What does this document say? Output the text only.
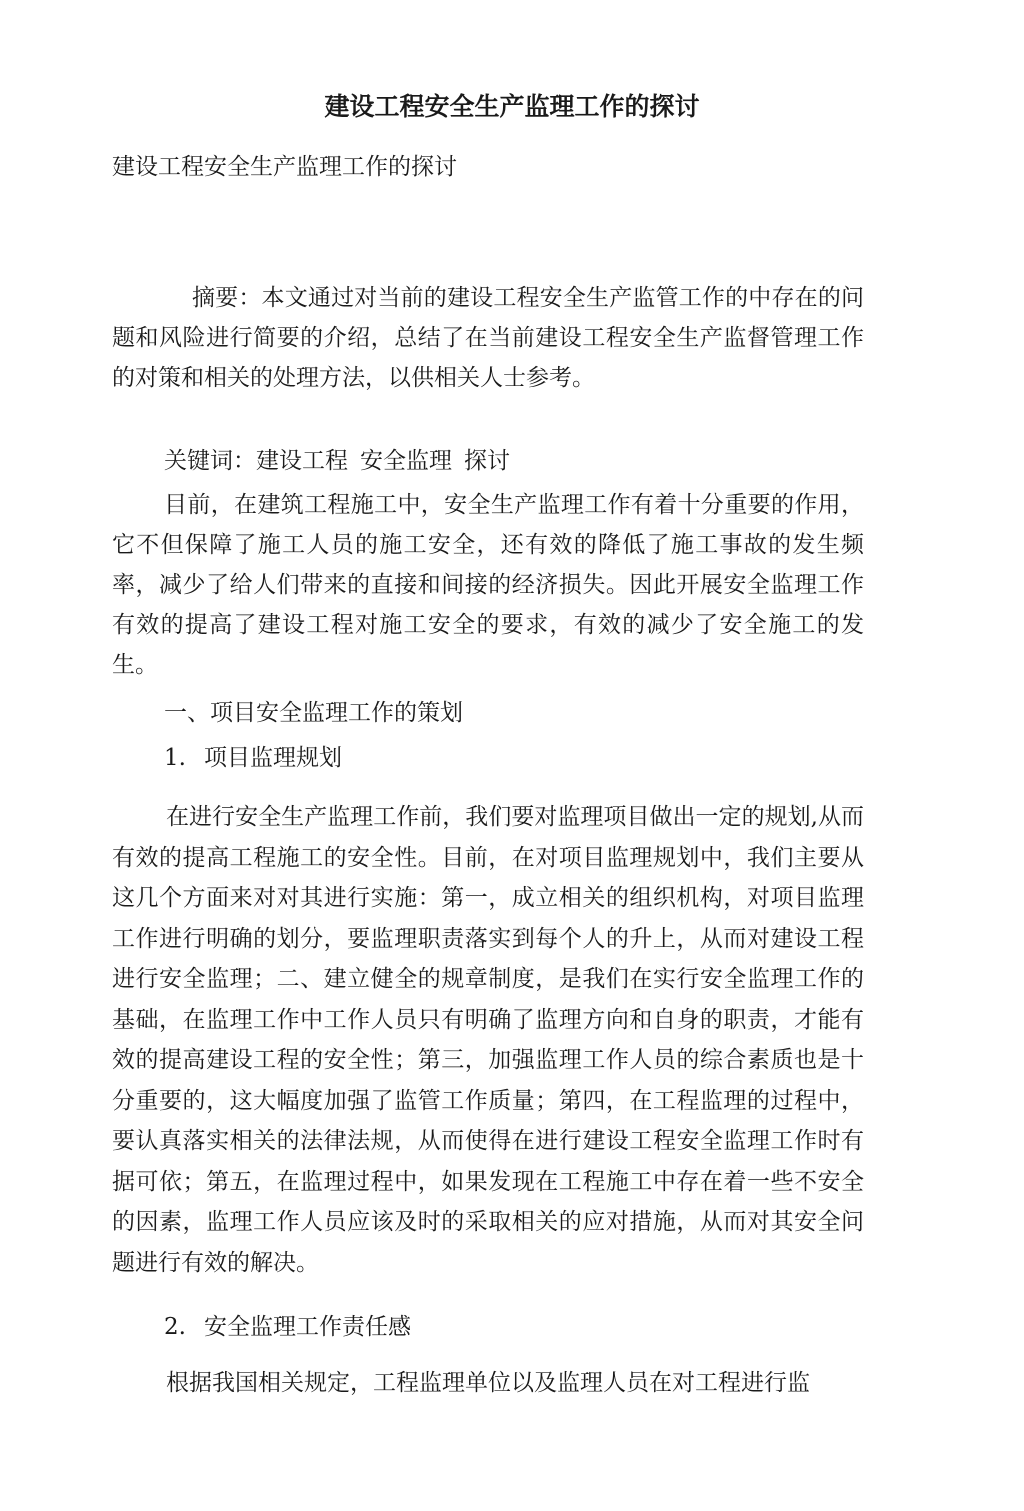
建设工程安全生产监理工作的探讨

建设工程安全生产监理工作的探讨

摘要：本文通过对当前的建设工程安全生产监管工作的中存在的问题和风险进行简要的介绍，总结了在当前建设工程安全生产监督管理工作的对策和相关的处理方法，以供相关人士参考。

关键词：建设工程 安全监理 探讨

目前，在建筑工程施工中，安全生产监理工作有着十分重要的作用，它不但保障了施工人员的施工安全，还有效的降低了施工事故的发生频率，减少了给人们带来的直接和间接的经济损失。因此开展安全监理工作有效的提高了建设工程对施工安全的要求，有效的减少了安全施工的发生。

一、项目安全监理工作的策划

1. 项目监理规划

在进行安全生产监理工作前，我们要对监理项目做出一定的规划,从而有效的提高工程施工的安全性。目前，在对项目监理规划中，我们主要从这几个方面来对对其进行实施：第一，成立相关的组织机构，对项目监理工作进行明确的划分，要监理职责落实到每个人的升上，从而对建设工程进行安全监理；二、建立健全的规章制度，是我们在实行安全监理工作的基础，在监理工作中工作人员只有明确了监理方向和自身的职责，才能有效的提高建设工程的安全性；第三，加强监理工作人员的综合素质也是十分重要的，这大幅度加强了监管工作质量；第四，在工程监理的过程中，要认真落实相关的法律法规，从而使得在进行建设工程安全监理工作时有据可依；第五，在监理过程中，如果发现在工程施工中存在着一些不安全的因素，监理工作人员应该及时的采取相关的应对措施，从而对其安全问题进行有效的解决。

2. 安全监理工作责任感

根据我国相关规定，工程监理单位以及监理人员在对工程进行监
